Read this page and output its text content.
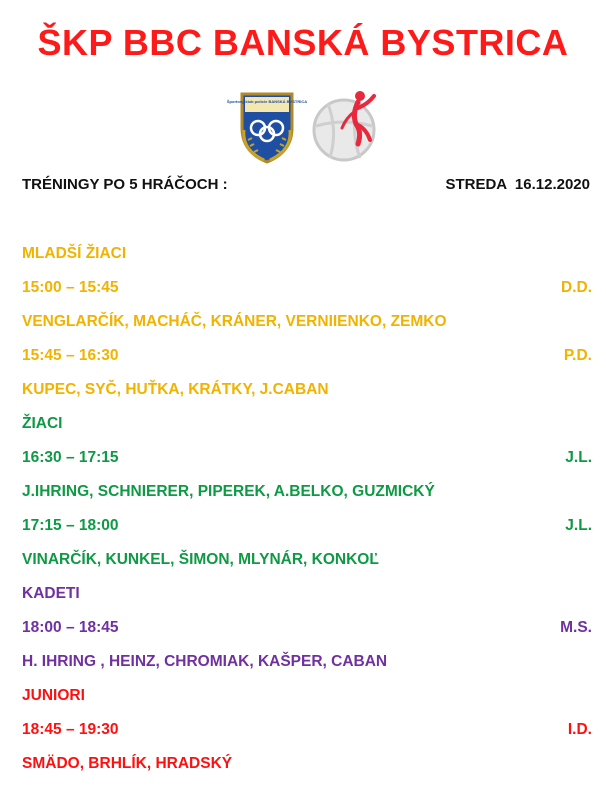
ŠKP BBC BANSKÁ BYSTRICA
Športový klub polície BANSKÁ BYSTRICA
TRÉNINGY PO 5 HRÁČOCH :	STREDA  16.12.2020
MLADŠÍ ŽIACI
15:00 – 15:45	D.D.
VENGLARČÍK, MACHÁČ, KRÁNER, VERNIIENKO, ZEMKO
15:45 – 16:30	P.D.
KUPEC, SYČ, HUŤKA, KRÁTKY, J.CABAN
ŽIACI
16:30 – 17:15	J.L.
J.IHRING, SCHNIERER, PIPEREK, A.BELKO, GUZMICKÝ
17:15 – 18:00	J.L.
VINARČÍK, KUNKEL, ŠIMON, MLYNÁR, KONKOĽ
KADETI
18:00 – 18:45	M.S.
H. IHRING , HEINZ, CHROMIAK, KAŠPER, CABAN
JUNIORI
18:45 – 19:30	I.D.
SMÄDO, BRHLÍK, HRADSKÝ
